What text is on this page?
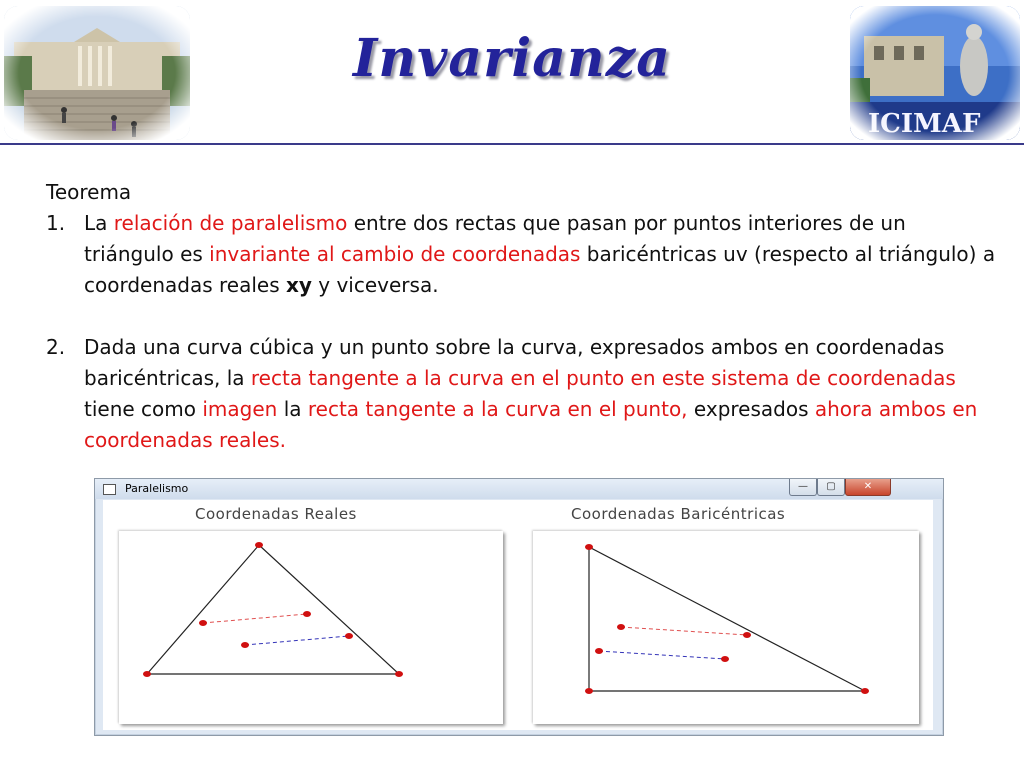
Invarianza

Teorema

1. La relación de paralelismo entre dos rectas que pasan por puntos interiores de un triángulo es invariante al cambio de coordenadas baricéntricas uv (respecto al triángulo) a coordenadas reales xy y viceversa.
2. Dada una curva cúbica y un punto sobre la curva, expresados ambos en coordenadas baricéntricas, la recta tangente a la curva en el punto en este sistema de coordenadas tiene como imagen la recta tangente a la curva en el punto, expresados ahora ambos en coordenadas reales.
Paralelismo	—	▢	✕
Coordenadas Reales	Coordenadas Baricéntricas
